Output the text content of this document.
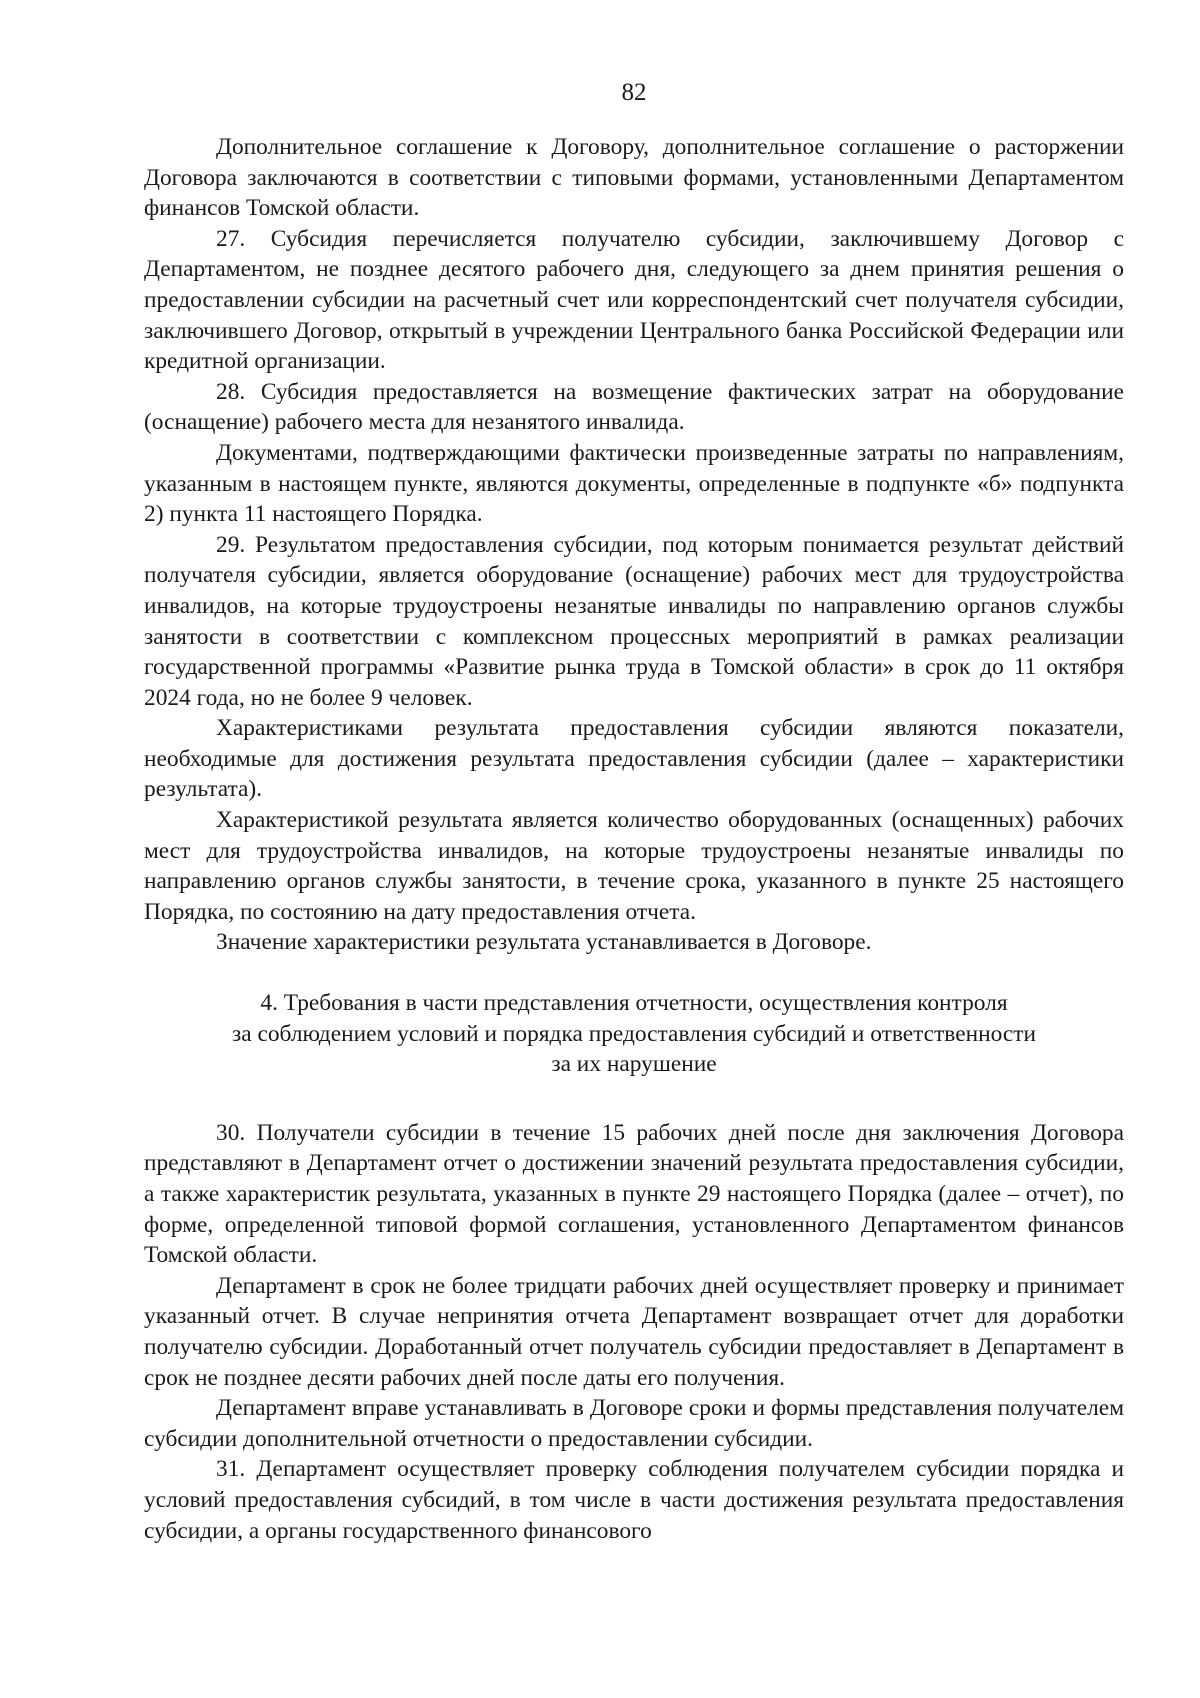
82

Дополнительное соглашение к Договору, дополнительное соглашение о расторжении Договора заключаются в соответствии с типовыми формами, установленными Департаментом финансов Томской области.

27. Субсидия перечисляется получателю субсидии, заключившему Договор с Департаментом, не позднее десятого рабочего дня, следующего за днем принятия решения о предоставлении субсидии на расчетный счет или корреспондентский счет получателя субсидии, заключившего Договор, открытый в учреждении Центрального банка Российской Федерации или кредитной организации.

28. Субсидия предоставляется на возмещение фактических затрат на оборудование (оснащение) рабочего места для незанятого инвалида.

Документами, подтверждающими фактически произведенные затраты по направлениям, указанным в настоящем пункте, являются документы, определенные в подпункте «б» подпункта 2) пункта 11 настоящего Порядка.

29. Результатом предоставления субсидии, под которым понимается результат действий получателя субсидии, является оборудование (оснащение) рабочих мест для трудоустройства инвалидов, на которые трудоустроены незанятые инвалиды по направлению органов службы занятости в соответствии с комплексном процессных мероприятий в рамках реализации государственной программы «Развитие рынка труда в Томской области» в срок до 11 октября 2024 года, но не более 9 человек.

Характеристиками результата предоставления субсидии являются показатели, необходимые для достижения результата предоставления субсидии (далее – характеристики результата).

Характеристикой результата является количество оборудованных (оснащенных) рабочих мест для трудоустройства инвалидов, на которые трудоустроены незанятые инвалиды по направлению органов службы занятости, в течение срока, указанного в пункте 25 настоящего Порядка, по состоянию на дату предоставления отчета.

Значение характеристики результата устанавливается в Договоре.

4. Требования в части представления отчетности, осуществления контроля
за соблюдением условий и порядка предоставления субсидий и ответственности
за их нарушение

30. Получатели субсидии в течение 15 рабочих дней после дня заключения Договора представляют в Департамент отчет о достижении значений результата предоставления субсидии, а также характеристик результата, указанных в пункте 29 настоящего Порядка (далее – отчет), по форме, определенной типовой формой соглашения, установленного Департаментом финансов Томской области.

Департамент в срок не более тридцати рабочих дней осуществляет проверку и принимает указанный отчет. В случае непринятия отчета Департамент возвращает отчет для доработки получателю субсидии. Доработанный отчет получатель субсидии предоставляет в Департамент в срок не позднее десяти рабочих дней после даты его получения.

Департамент вправе устанавливать в Договоре сроки и формы представления получателем субсидии дополнительной отчетности о предоставлении субсидии.

31. Департамент осуществляет проверку соблюдения получателем субсидии порядка и условий предоставления субсидий, в том числе в части достижения результата предоставления субсидии, а органы государственного финансового
